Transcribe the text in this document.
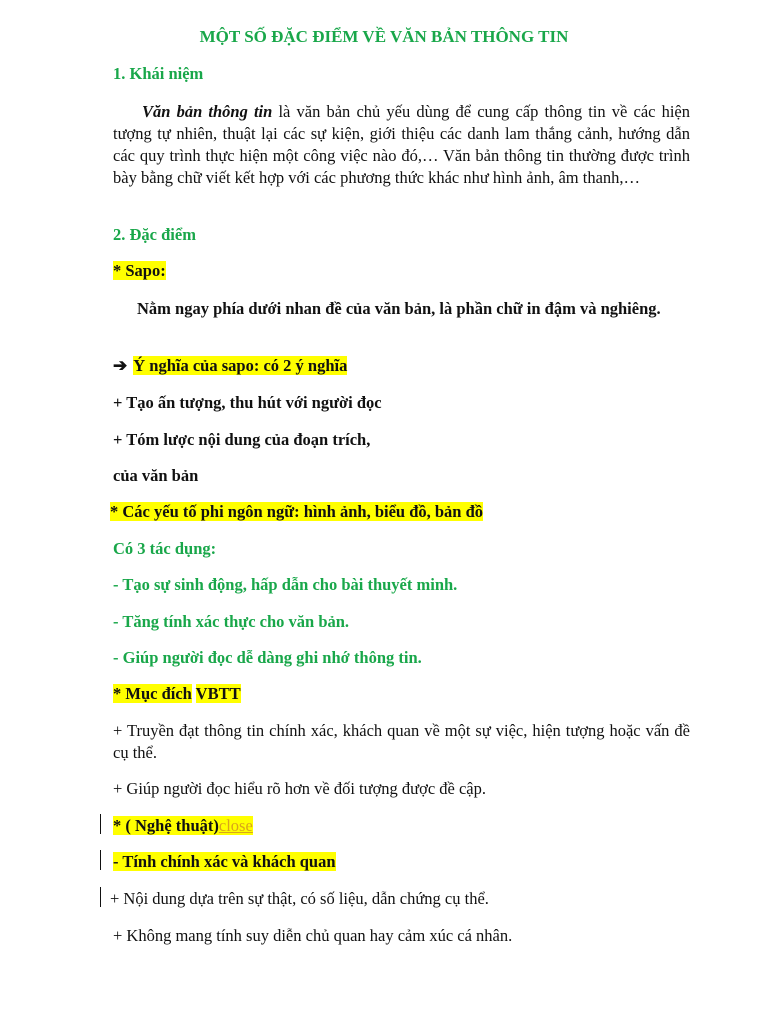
MỘT SỐ ĐẶC ĐIỂM VỀ VĂN BẢN THÔNG TIN
1. Khái niệm
Văn bản thông tin là văn bản chủ yếu dùng để cung cấp thông tin về các hiện tượng tự nhiên, thuật lại các sự kiện, giới thiệu các danh lam thắng cảnh, hướng dẫn các quy trình thực hiện một công việc nào đó,… Văn bản thông tin thường được trình bày bằng chữ viết kết hợp với các phương thức khác như hình ảnh, âm thanh,…
2. Đặc điểm
* Sapo:
Nằm ngay phía dưới nhan đề của văn bản, là phần chữ in đậm và nghiêng.
➔ Ý nghĩa của sapo: có 2 ý nghĩa
+ Tạo ấn tượng, thu hút với người đọc
+ Tóm lược nội dung của đoạn trích,
của văn bản
* Các yếu tố phi ngôn ngữ: hình ảnh, biểu đồ, bản đồ
Có 3 tác dụng:
- Tạo sự sinh động, hấp dẫn cho bài thuyết minh.
- Tăng tính xác thực cho văn bản.
- Giúp người đọc dễ dàng ghi nhớ thông tin.
* Mục đích VBTT
+ Truyền đạt thông tin chính xác, khách quan về một sự việc, hiện tượng hoặc vấn đề cụ thể.
+ Giúp người đọc hiểu rõ hơn về đối tượng được đề cập.
* ( Nghệ thuật)close
- Tính chính xác và khách quan
+ Nội dung dựa trên sự thật, có số liệu, dẫn chứng cụ thể.
+ Không mang tính suy diễn chủ quan hay cảm xúc cá nhân.
